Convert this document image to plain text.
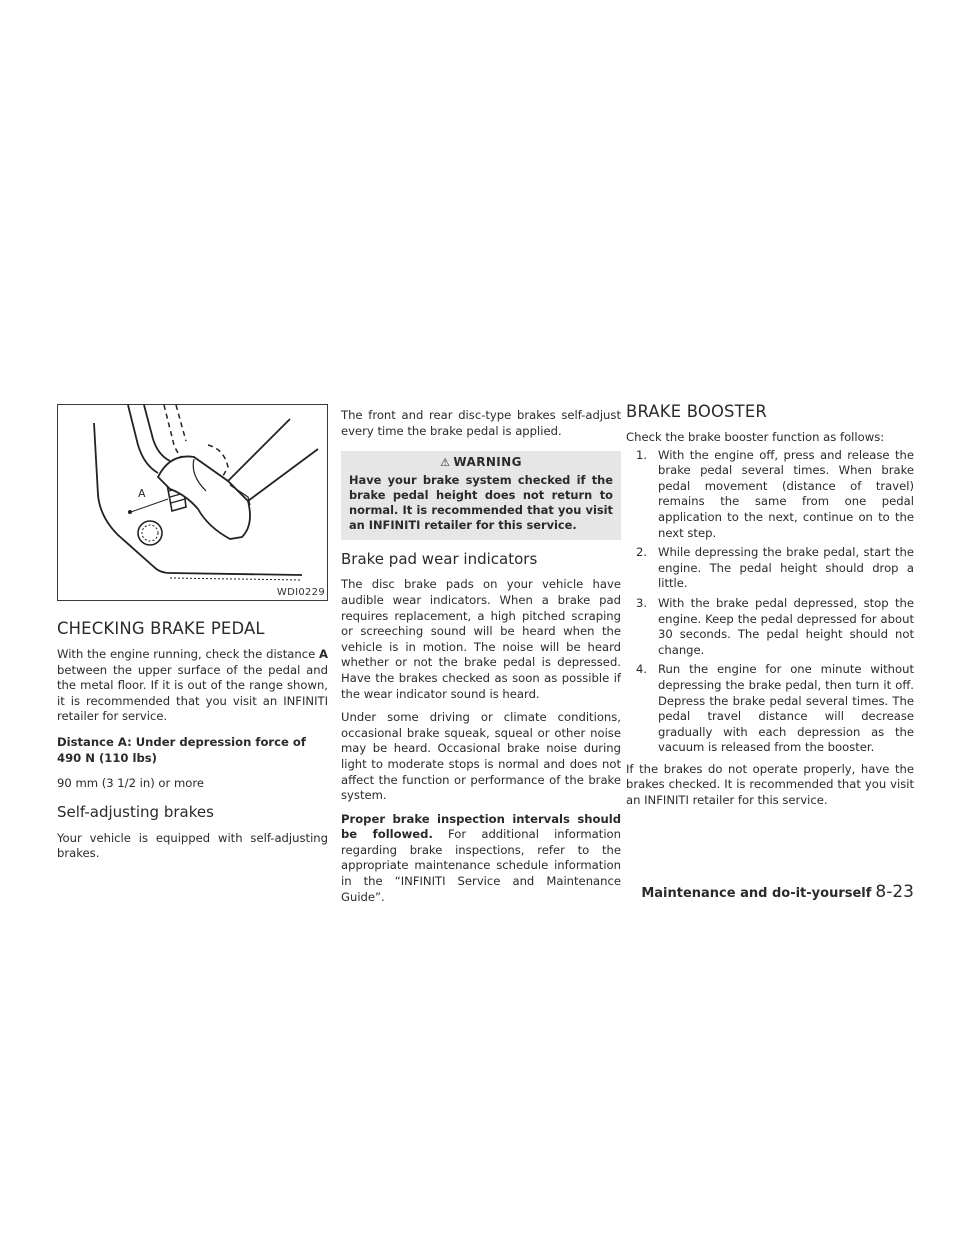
A
WDI0229
CHECKING BRAKE PEDAL

With the engine running, check the distance A between the upper surface of the pedal and the metal floor. If it is out of the range shown, it is recommended that you visit an INFINITI retailer for service.

Distance A: Under depression force of
490 N (110 lbs)

90 mm (3 1/2 in) or more

Self-adjusting brakes

Your vehicle is equipped with self-adjusting brakes.

The front and rear disc-type brakes self-adjust every time the brake pedal is applied.

⚠ WARNING

Have your brake system checked if the brake pedal height does not return to normal. It is recommended that you visit an INFINITI retailer for this service.

Brake pad wear indicators

The disc brake pads on your vehicle have audible wear indicators. When a brake pad requires replacement, a high pitched scraping or screeching sound will be heard when the vehicle is in motion. The noise will be heard whether or not the brake pedal is depressed. Have the brakes checked as soon as possible if the wear indicator sound is heard.

Under some driving or climate conditions, occasional brake squeak, squeal or other noise may be heard. Occasional brake noise during light to moderate stops is normal and does not affect the function or performance of the brake system.

Proper brake inspection intervals should be followed. For additional information regarding brake inspections, refer to the appropriate maintenance schedule information in the “INFINITI Service and Maintenance Guide”.

BRAKE BOOSTER

Check the brake booster function as follows:

1. With the engine off, press and release the brake pedal several times. When brake pedal movement (distance of travel) remains the same from one pedal application to the next, continue on to the next step.
2. While depressing the brake pedal, start the engine. The pedal height should drop a little.
3. With the brake pedal depressed, stop the engine. Keep the pedal depressed for about 30 seconds. The pedal height should not change.
4. Run the engine for one minute without depressing the brake pedal, then turn it off. Depress the brake pedal several times. The pedal travel distance will decrease gradually with each depression as the vacuum is released from the booster.

If the brakes do not operate properly, have the brakes checked. It is recommended that you visit an INFINITI retailer for this service.

Maintenance and do-it-yourself 8-23
